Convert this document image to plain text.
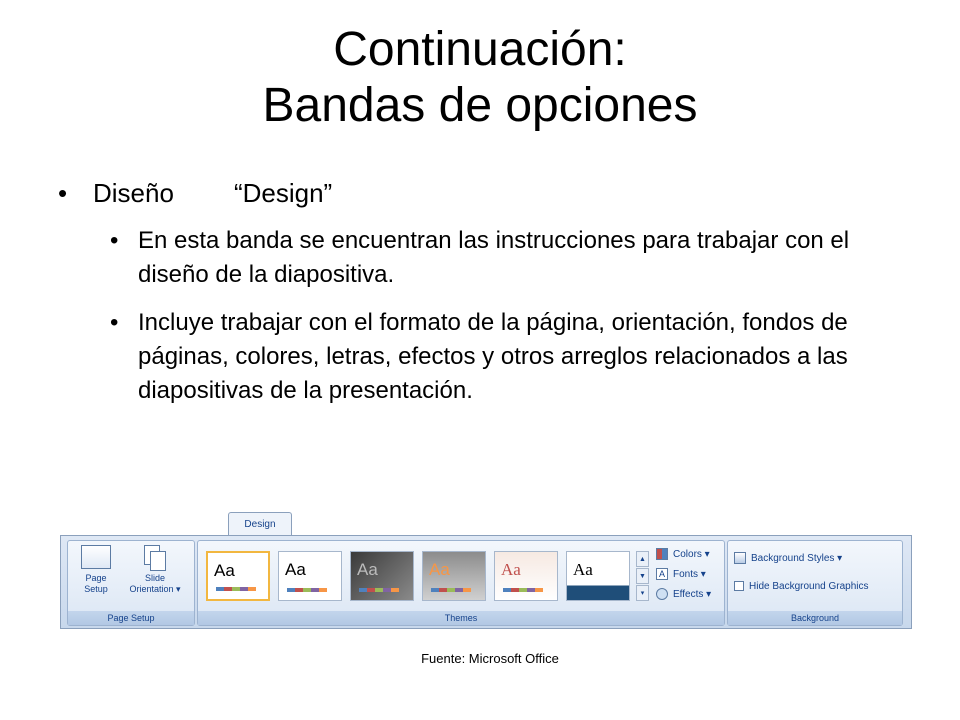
Continuación:
Bandas de opciones
• Diseño “Design”
• En esta banda se encuentran las instrucciones para trabajar con el diseño de la diapositiva.
• Incluye trabajar con el formato de la página, orientación, fondos de páginas, colores, letras, efectos y otros arreglos relacionados a las diapositivas de la presentación.
Design
Page
Setup
Slide
Orientation ▾
Page Setup
Aa	Aa	Aa	Aa	Aa	Aa
▲
▼
▾
Colors ▾
A Fonts ▾
Effects ▾
Themes
Background Styles ▾
Hide Background Graphics
Background
Fuente: Microsoft Office
